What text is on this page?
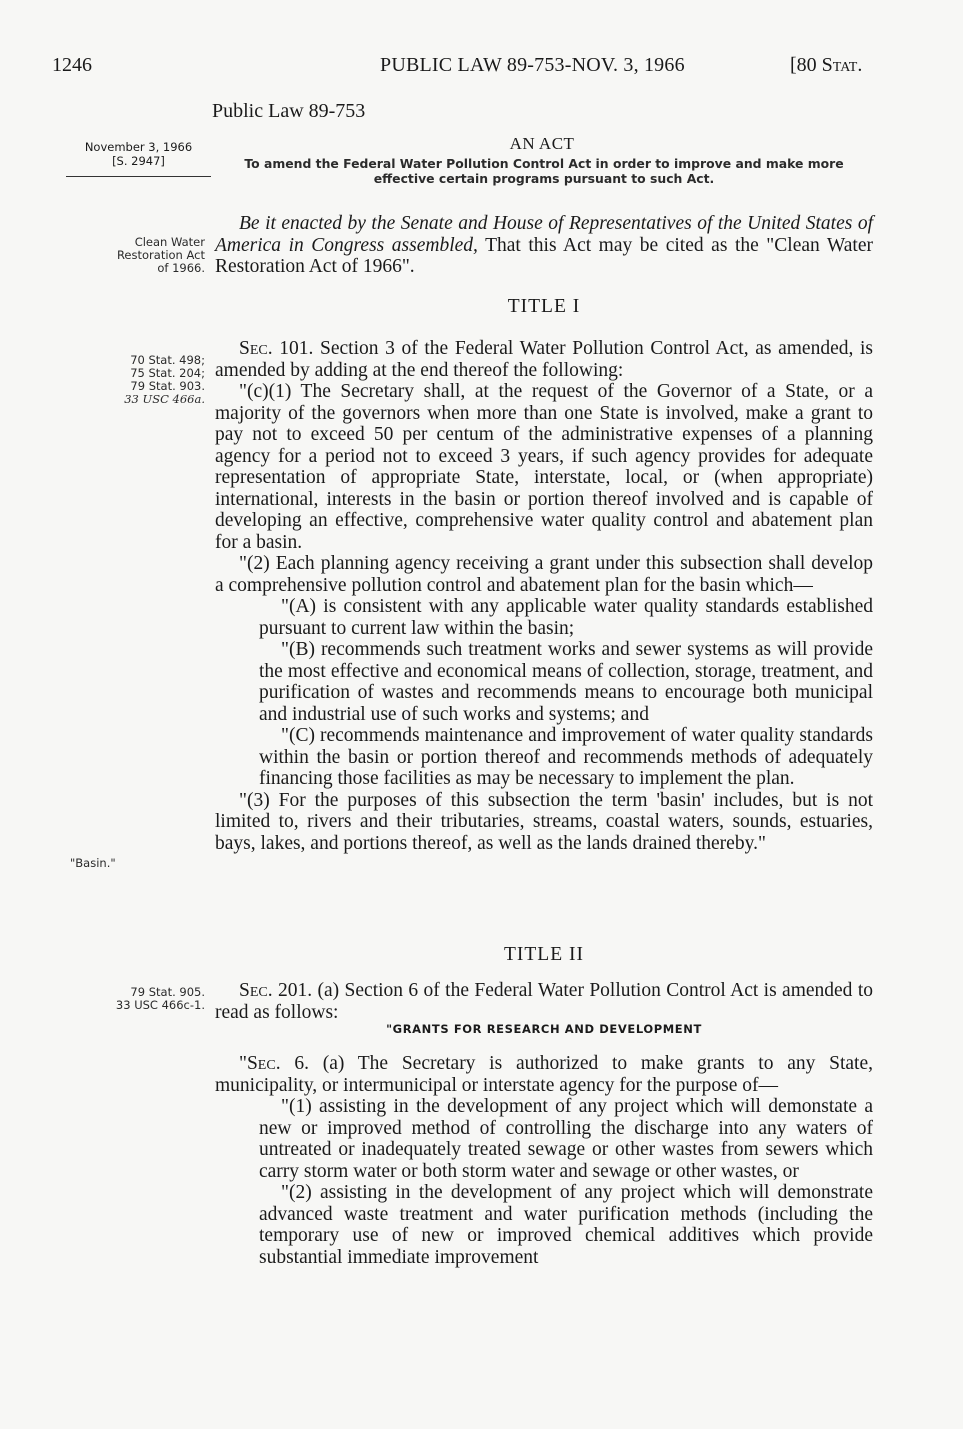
1246	PUBLIC LAW 89-753-NOV. 3, 1966	[80 Stat.
Public Law 89-753
November 3, 1966
[S. 2947]
AN ACT
To amend the Federal Water Pollution Control Act in order to improve and make more effective certain programs pursuant to such Act.
Clean Water
Restoration Act
of 1966.

Be it enacted by the Senate and House of Representatives of the United States of America in Congress assembled, That this Act may be cited as the "Clean Water Restoration Act of 1966".

TITLE I
70 Stat. 498;
75 Stat. 204;
79 Stat. 903.
33 USC 466a.

Sec. 101. Section 3 of the Federal Water Pollution Control Act, as amended, is amended by adding at the end thereof the following:

"(c)(1) The Secretary shall, at the request of the Governor of a State, or a majority of the governors when more than one State is involved, make a grant to pay not to exceed 50 per centum of the administrative expenses of a planning agency for a period not to exceed 3 years, if such agency provides for adequate representation of appropriate State, interstate, local, or (when appropriate) international, interests in the basin or portion thereof involved and is capable of developing an effective, comprehensive water quality control and abatement plan for a basin.

"(2) Each planning agency receiving a grant under this subsection shall develop a comprehensive pollution control and abatement plan for the basin which—

"(A) is consistent with any applicable water quality standards established pursuant to current law within the basin;

"(B) recommends such treatment works and sewer systems as will provide the most effective and economical means of collection, storage, treatment, and purification of wastes and recommends means to encourage both municipal and industrial use of such works and systems; and

"(C) recommends maintenance and improvement of water quality standards within the basin or portion thereof and recommends methods of adequately financing those facilities as may be necessary to implement the plan.

"(3) For the purposes of this subsection the term 'basin' includes, but is not limited to, rivers and their tributaries, streams, coastal waters, sounds, estuaries, bays, lakes, and portions thereof, as well as the lands drained thereby."

"Basin."
TITLE II
79 Stat. 905.
33 USC 466c-1.

Sec. 201. (a) Section 6 of the Federal Water Pollution Control Act is amended to read as follows:

"GRANTS FOR RESEARCH AND DEVELOPMENT

"Sec. 6. (a) The Secretary is authorized to make grants to any State, municipality, or intermunicipal or interstate agency for the purpose of—

"(1) assisting in the development of any project which will demonstate a new or improved method of controlling the discharge into any waters of untreated or inadequately treated sewage or other wastes from sewers which carry storm water or both storm water and sewage or other wastes, or

"(2) assisting in the development of any project which will demonstrate advanced waste treatment and water purification methods (including the temporary use of new or improved chemical additives which provide substantial immediate improvement
